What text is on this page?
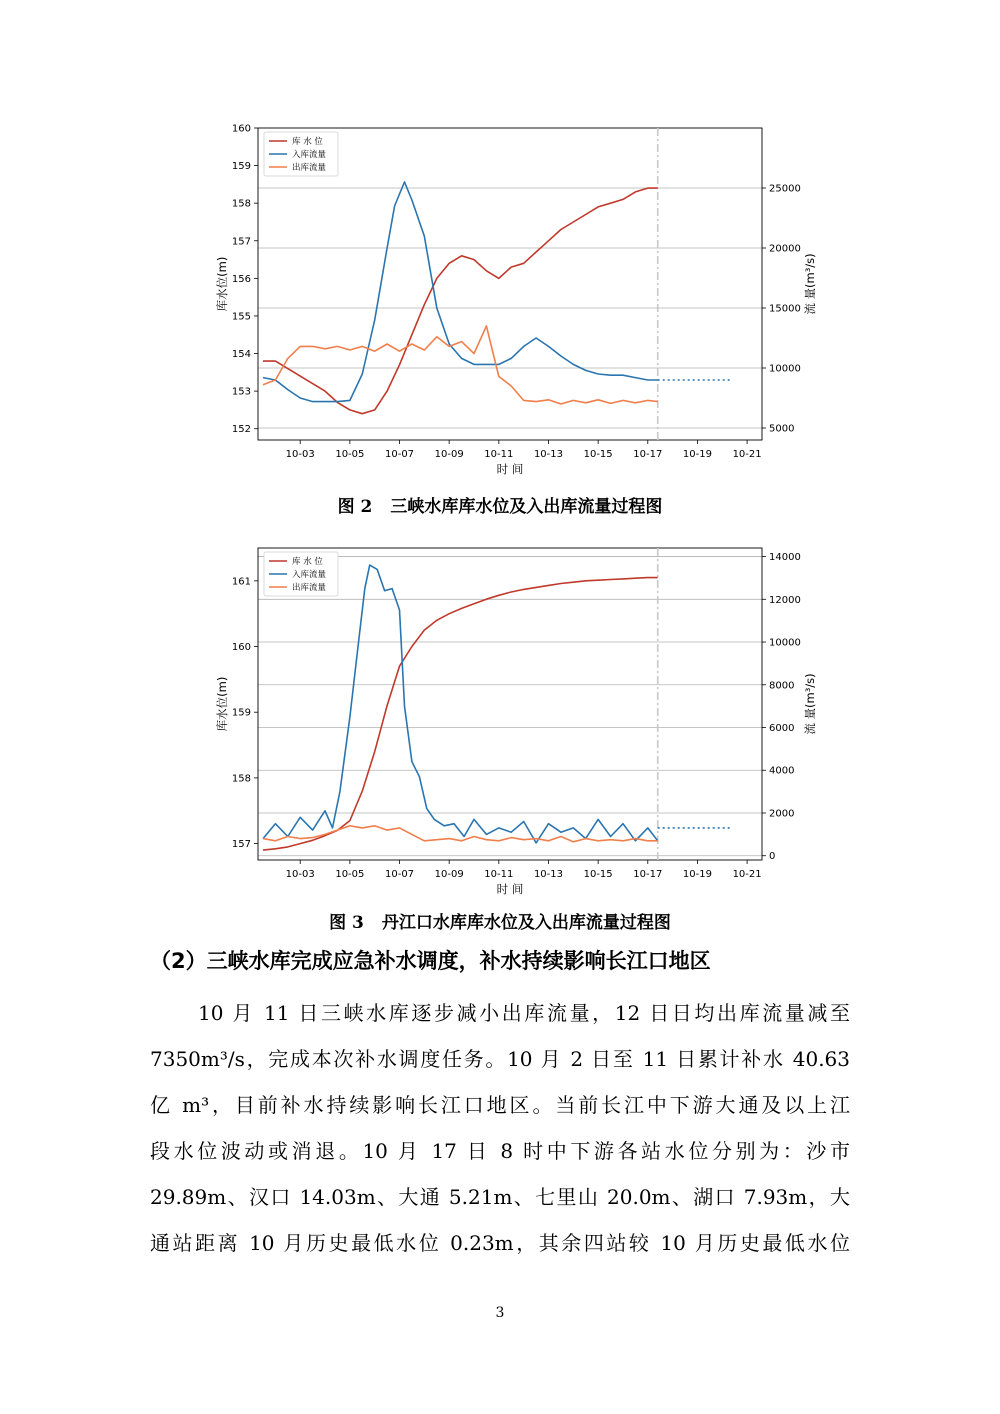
10-03 10-05 10-07 10-09 10-11 10-13 10-15 10-17 10-19 10-21
152
153
154
155
156
157
158
159
160
5000
10000
15000
20000
25000
时 间
库水位(m)	流 量(m³/s)
库 水 位
入库流量
出库流量
图 2 三峡水库库水位及入出库流量过程图
10-03 10-05 10-07 10-09 10-11 10-13 10-15 10-17 10-19 10-21
157
158
159
160
161
0
2000
4000
6000
8000
10000
12000
14000
时 间
库水位(m)	流 量(m³/s)
库 水 位
入库流量
出库流量
图 3 丹江口水库库水位及入出库流量过程图
（2）三峡水库完成应急补水调度，补水持续影响长江口地区
10 月 11 日三峡水库逐步减小出库流量，12 日日均出库流量减至
7350m³/s，完成本次补水调度任务。10 月 2 日至 11 日累计补水 40.63
亿 m³，目前补水持续影响长江口地区。当前长江中下游大通及以上江
段水位波动或消退。10 月 17 日 8 时中下游各站水位分别为：沙市
29.89m、汉口 14.03m、大通 5.21m、七里山 20.0m、湖口 7.93m，大
通站距离 10 月历史最低水位 0.23m，其余四站较 10 月历史最低水位
3
